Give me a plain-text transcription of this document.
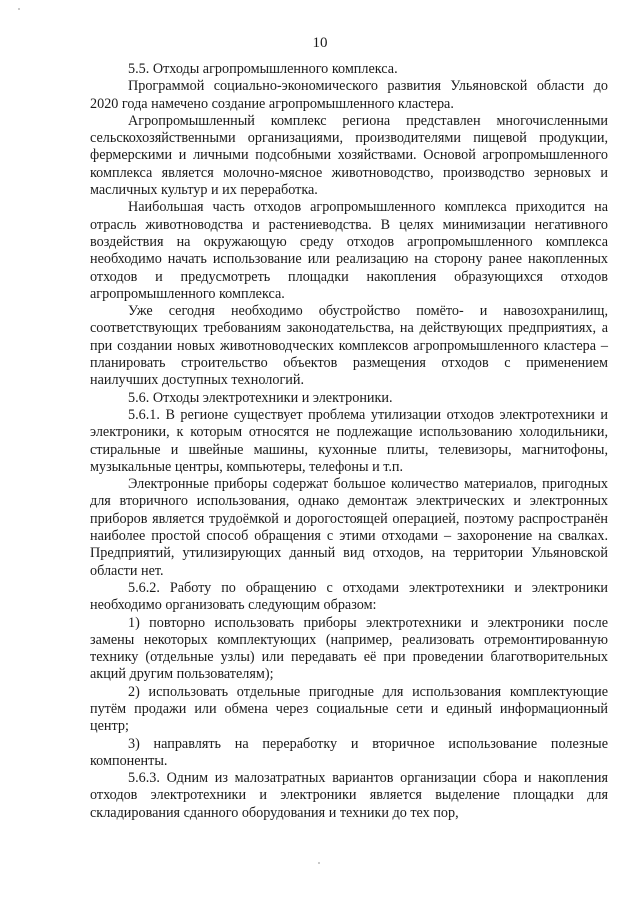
10

5.5. Отходы агропромышленного комплекса.

Программой социально-экономического развития Ульяновской области до 2020 года намечено создание агропромышленного кластера.

Агропромышленный комплекс региона представлен многочисленными сельскохозяйственными организациями, производителями пищевой продукции, фермерскими и личными подсобными хозяйствами. Основой агропромышленного комплекса является молочно-мясное животноводство, производство зерновых и масличных культур и их переработка.

Наибольшая часть отходов агропромышленного комплекса приходится на отрасль животноводства и растениеводства. В целях минимизации негативного воздействия на окружающую среду отходов агропромышленного комплекса необходимо начать использование или реализацию на сторону ранее накопленных отходов и предусмотреть площадки накопления образующихся отходов агропромышленного комплекса.

Уже сегодня необходимо обустройство помёто- и навозохранилищ, соответствующих требованиям законодательства, на действующих предприятиях, а при создании новых животноводческих комплексов агропромышленного кластера – планировать строительство объектов размещения отходов с применением наилучших доступных технологий.

5.6. Отходы электротехники и электроники.

5.6.1. В регионе существует проблема утилизации отходов электротехники и электроники, к которым относятся не подлежащие использованию холодильники, стиральные и швейные машины, кухонные плиты, телевизоры, магнитофоны, музыкальные центры, компьютеры, телефоны и т.п.

Электронные приборы содержат большое количество материалов, пригодных для вторичного использования, однако демонтаж электрических и электронных приборов является трудоёмкой и дорогостоящей операцией, поэтому распространён наиболее простой способ обращения с этими отходами – захоронение на свалках. Предприятий, утилизирующих данный вид отходов, на территории Ульяновской области нет.

5.6.2. Работу по обращению с отходами электротехники и электроники необходимо организовать следующим образом:

1) повторно использовать приборы электротехники и электроники после замены некоторых комплектующих (например, реализовать отремонтированную технику (отдельные узлы) или передавать её при проведении благотворительных акций другим пользователям);

2) использовать отдельные пригодные для использования комплектующие путём продажи или обмена через социальные сети и единый информационный центр;

3) направлять на переработку и вторичное использование полезные компоненты.

5.6.3. Одним из малозатратных вариантов организации сбора и накопления отходов электротехники и электроники является выделение площадки для складирования сданного оборудования и техники до тех пор,
